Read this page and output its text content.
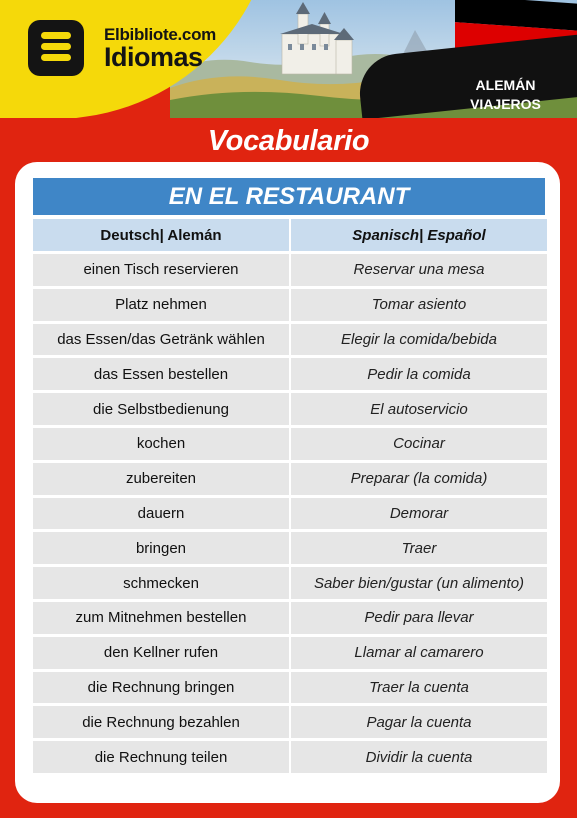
Elbibliote.com
Idiomas
ALEMÁN
VIAJEROS
Vocabulario
EN EL RESTAURANT
Deutsch| Alemán	Spanisch| Español
einen Tisch reservieren	Reservar una mesa
Platz nehmen	Tomar asiento
das Essen/das Getränk wählen	Elegir la comida/bebida
das Essen bestellen	Pedir la comida
die Selbstbedienung	El autoservicio
kochen	Cocinar
zubereiten	Preparar (la comida)
dauern	Demorar
bringen	Traer
schmecken	Saber bien/gustar (un alimento)
zum Mitnehmen bestellen	Pedir para llevar
den Kellner rufen	Llamar al camarero
die Rechnung bringen	Traer la cuenta
die Rechnung bezahlen	Pagar la cuenta
die Rechnung teilen	Dividir la cuenta
